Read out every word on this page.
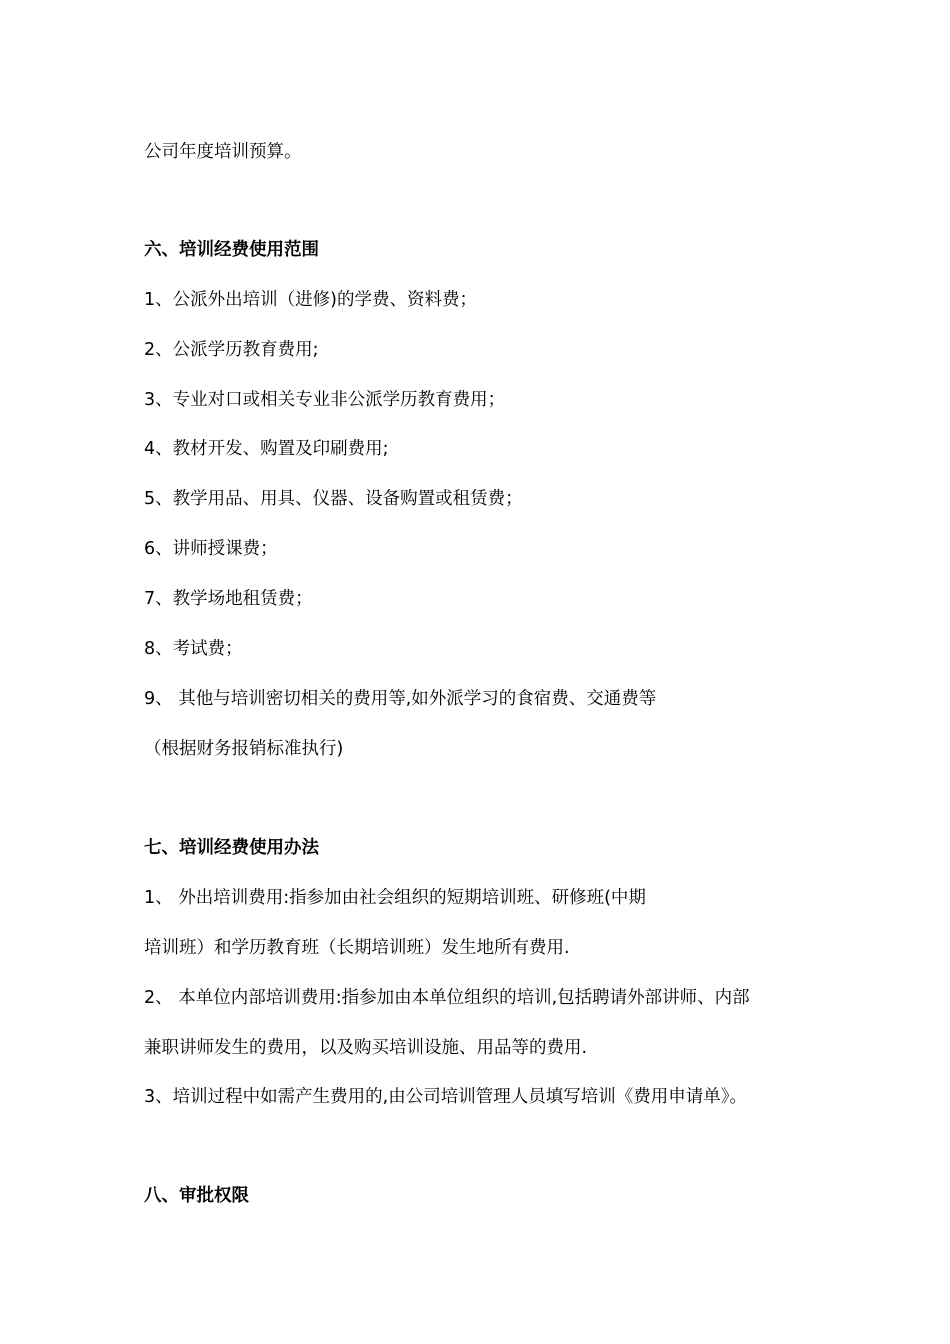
公司年度培训预算。
六、培训经费使用范围
1、公派外出培训（进修)的学费、资料费；
2、公派学历教育费用;
3、专业对口或相关专业非公派学历教育费用；
4、教材开发、购置及印刷费用;
5、教学用品、用具、仪器、设备购置或租赁费；
6、讲师授课费；
7、教学场地租赁费；
8、考试费；
9、 其他与培训密切相关的费用等,如外派学习的食宿费、交通费等
（根据财务报销标准执行)
七、培训经费使用办法
1、 外出培训费用:指参加由社会组织的短期培训班、研修班(中期
培训班）和学历教育班（长期培训班）发生地所有费用.
2、 本单位内部培训费用:指参加由本单位组织的培训,包括聘请外部讲师、内部
兼职讲师发生的费用，以及购买培训设施、用品等的费用.
3、培训过程中如需产生费用的,由公司培训管理人员填写培训《费用申请单》。
八、审批权限
